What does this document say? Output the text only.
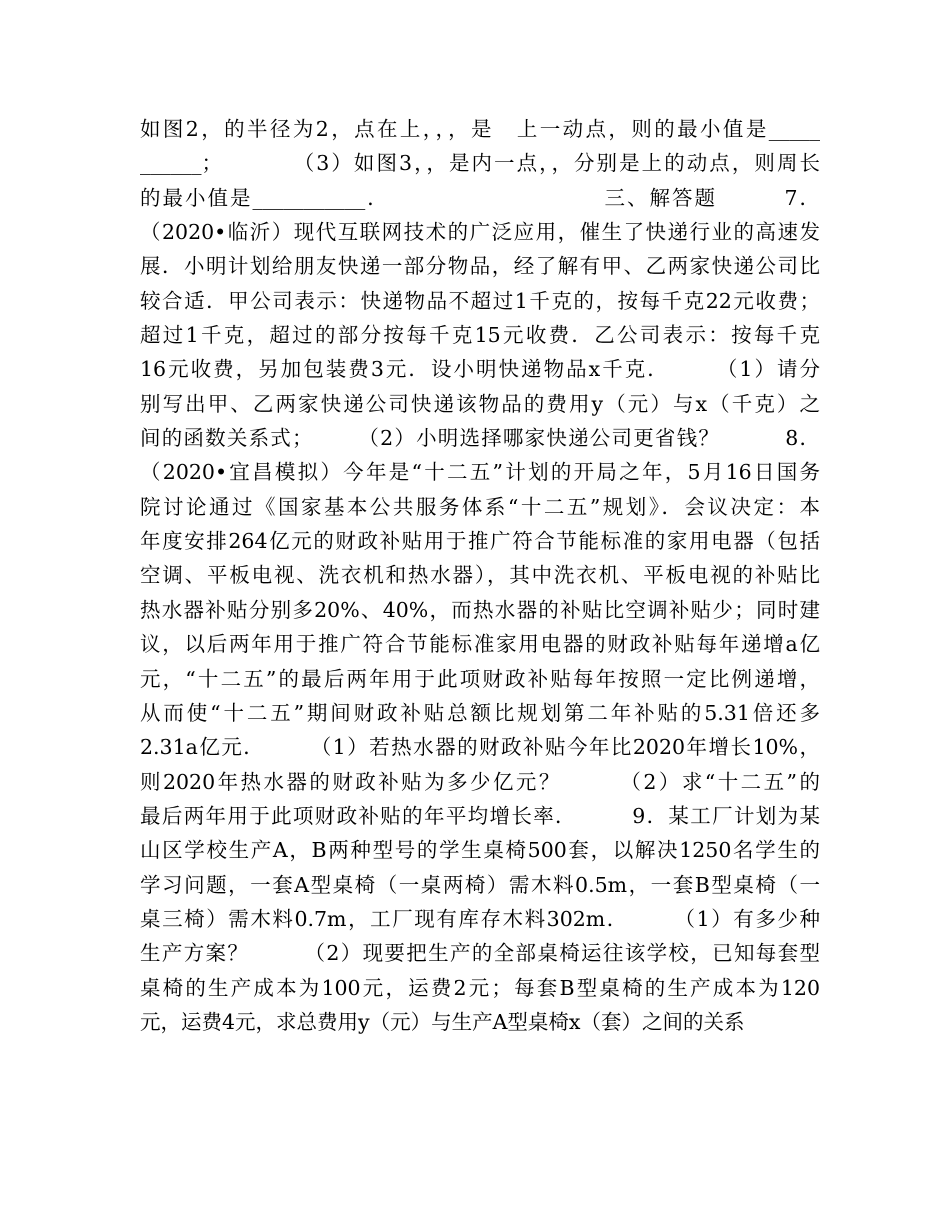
如图2，的半径为2，点在上，，，是　上一动点，则的最小值是_____
______；　　　　（3）如图3，，是内一点，，分别是上的动点，则周长
的最小值是___________．　　　　　　　　　　三、解答题　　　7．
（2020•临沂）现代互联网技术的广泛应用，催生了快递行业的高速发
展．小明计划给朋友快递一部分物品，经了解有甲、乙两家快递公司比
较合适．甲公司表示：快递物品不超过1千克的，按每千克22元收费；
超过1千克，超过的部分按每千克15元收费．乙公司表示：按每千克
16元收费，另加包装费3元．设小明快递物品x千克．　　　（1）请分
别写出甲、乙两家快递公司快递该物品的费用y（元）与x（千克）之
间的函数关系式；　　　（2）小明选择哪家快递公司更省钱？　　　8．
（2020•宜昌模拟）今年是“十二五”计划的开局之年，5月16日国务
院讨论通过《国家基本公共服务体系“十二五”规划》．会议决定：本
年度安排264亿元的财政补贴用于推广符合节能标准的家用电器（包括
空调、平板电视、洗衣机和热水器），其中洗衣机、平板电视的补贴比
热水器补贴分别多20%、40%，而热水器的补贴比空调补贴少；同时建
议，以后两年用于推广符合节能标准家用电器的财政补贴每年递增a亿
元，“十二五”的最后两年用于此项财政补贴每年按照一定比例递增，
从而使“十二五”期间财政补贴总额比规划第二年补贴的5.31倍还多
2.31a亿元．　　　（1）若热水器的财政补贴今年比2020年增长10%，
则2020年热水器的财政补贴为多少亿元？　　　（2）求“十二五”的
最后两年用于此项财政补贴的年平均增长率．　　　9．某工厂计划为某
山区学校生产A，B两种型号的学生桌椅500套，以解决1250名学生的
学习问题，一套A型桌椅（一桌两椅）需木料0.5m，一套B型桌椅（一
桌三椅）需木料0.7m，工厂现有库存木料302m．　　　（1）有多少种
生产方案？　　　（2）现要把生产的全部桌椅运往该学校，已知每套型
桌椅的生产成本为100元，运费2元；每套B型桌椅的生产成本为120
元，运费4元，求总费用y（元）与生产A型桌椅x（套）之间的关系
